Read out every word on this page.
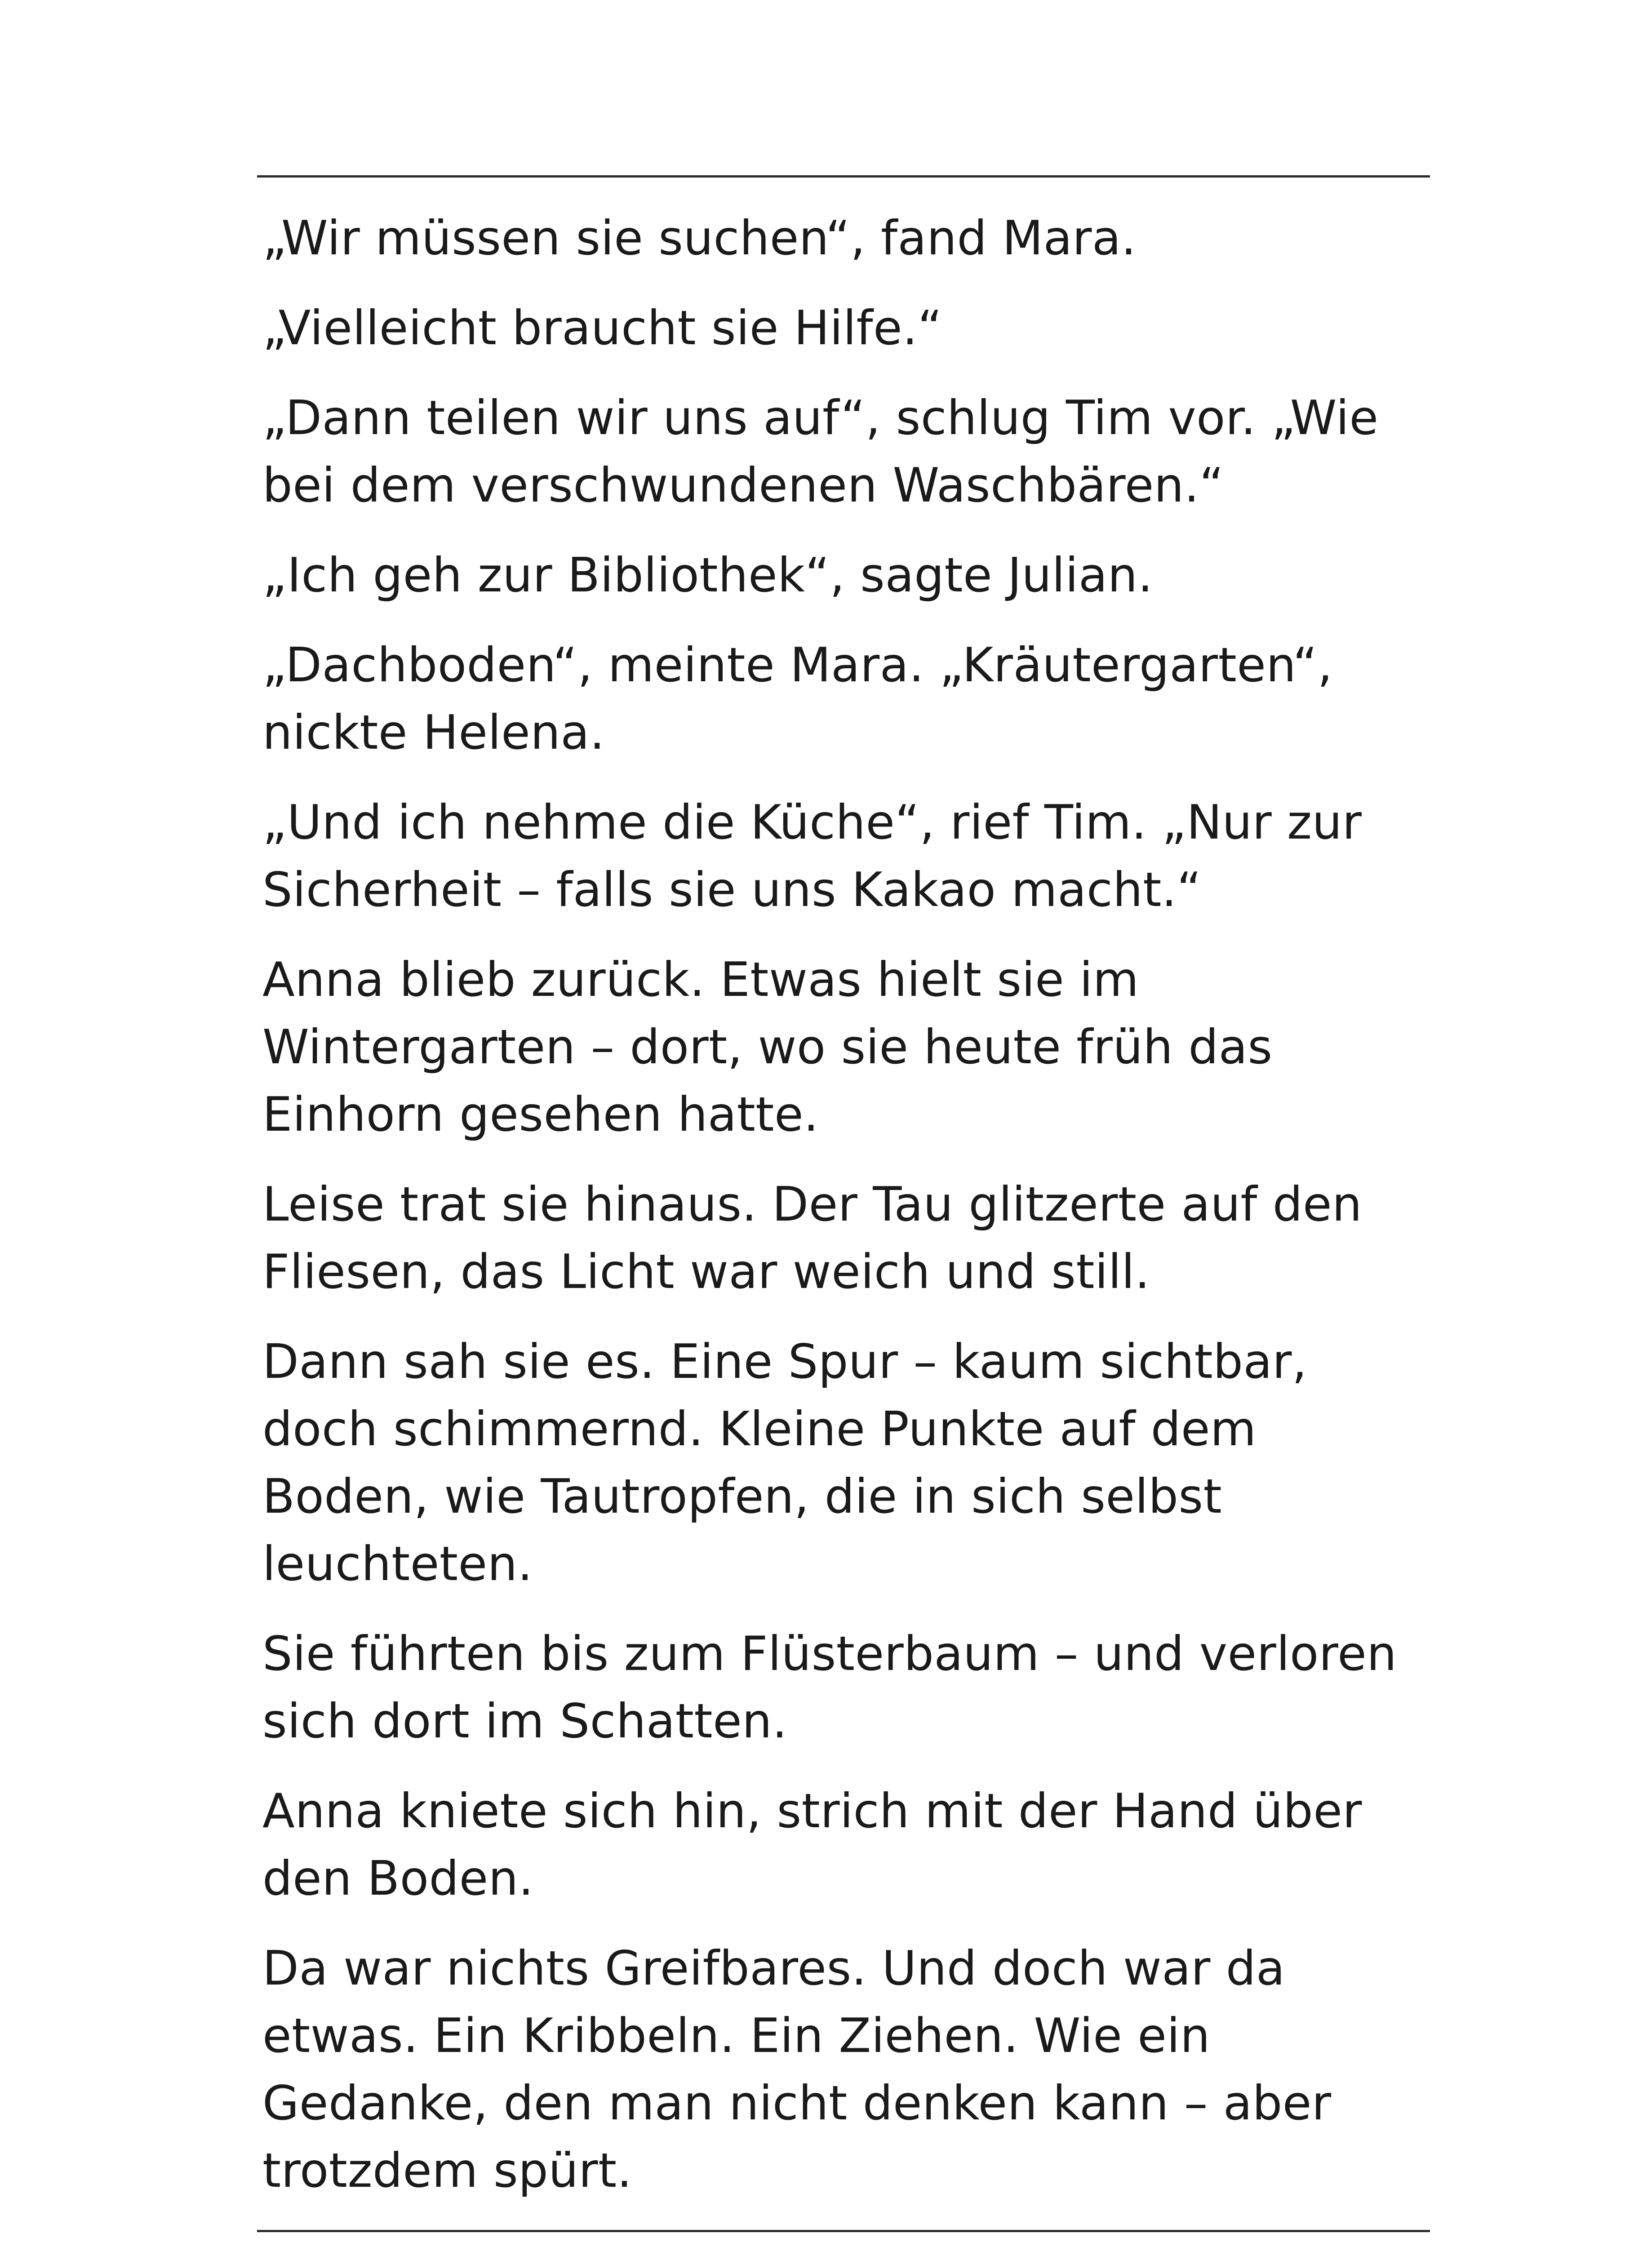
„Wir müssen sie suchen“, fand Mara.

„Vielleicht braucht sie Hilfe.“

„Dann teilen wir uns auf“, schlug Tim vor. „Wie
bei dem verschwundenen Waschbären.“

„Ich geh zur Bibliothek“, sagte Julian.

„Dachboden“, meinte Mara. „Kräutergarten“,
nickte Helena.

„Und ich nehme die Küche“, rief Tim. „Nur zur
Sicherheit – falls sie uns Kakao macht.“

Anna blieb zurück. Etwas hielt sie im
Wintergarten – dort, wo sie heute früh das
Einhorn gesehen hatte.

Leise trat sie hinaus. Der Tau glitzerte auf den
Fliesen, das Licht war weich und still.

Dann sah sie es. Eine Spur – kaum sichtbar,
doch schimmernd. Kleine Punkte auf dem
Boden, wie Tautropfen, die in sich selbst
leuchteten.

Sie führten bis zum Flüsterbaum – und verloren
sich dort im Schatten.

Anna kniete sich hin, strich mit der Hand über
den Boden.

Da war nichts Greifbares. Und doch war da
etwas. Ein Kribbeln. Ein Ziehen. Wie ein
Gedanke, den man nicht denken kann – aber
trotzdem spürt.
